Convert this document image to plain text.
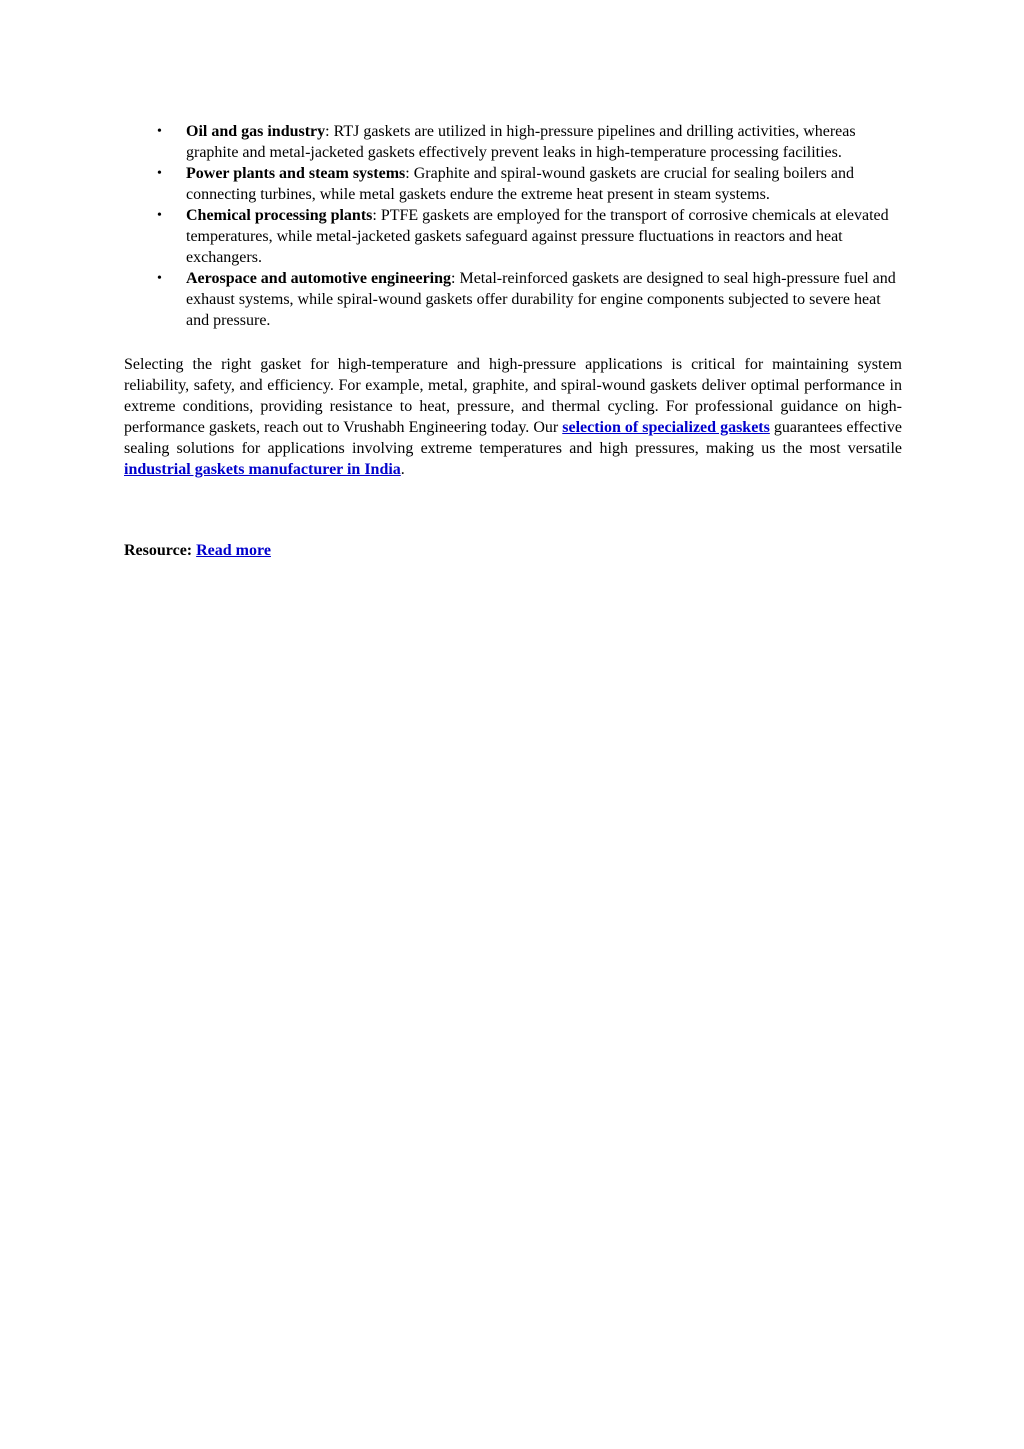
• Oil and gas industry: RTJ gaskets are utilized in high-pressure pipelines and drilling activities, whereas graphite and metal-jacketed gaskets effectively prevent leaks in high-temperature processing facilities.
• Power plants and steam systems: Graphite and spiral-wound gaskets are crucial for sealing boilers and connecting turbines, while metal gaskets endure the extreme heat present in steam systems.
• Chemical processing plants: PTFE gaskets are employed for the transport of corrosive chemicals at elevated temperatures, while metal-jacketed gaskets safeguard against pressure fluctuations in reactors and heat exchangers.
• Aerospace and automotive engineering: Metal-reinforced gaskets are designed to seal high-pressure fuel and exhaust systems, while spiral-wound gaskets offer durability for engine components subjected to severe heat and pressure.

Selecting the right gasket for high-temperature and high-pressure applications is critical for maintaining system reliability, safety, and efficiency. For example, metal, graphite, and spiral-wound gaskets deliver optimal performance in extreme conditions, providing resistance to heat, pressure, and thermal cycling. For professional guidance on high-performance gaskets, reach out to Vrushabh Engineering today. Our selection of specialized gaskets guarantees effective sealing solutions for applications involving extreme temperatures and high pressures, making us the most versatile industrial gaskets manufacturer in India.

Resource: Read more
